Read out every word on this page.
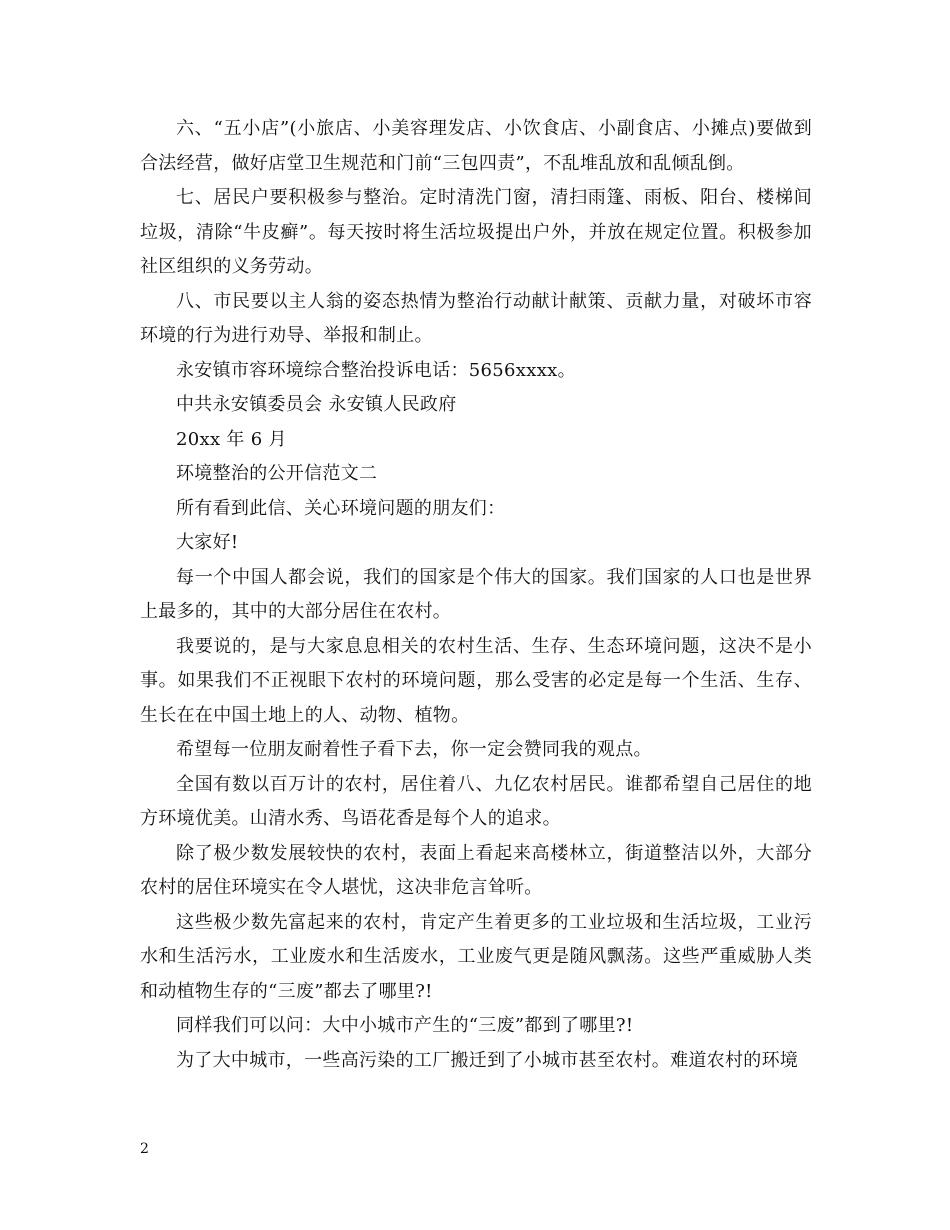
六、“五小店”(小旅店、小美容理发店、小饮食店、小副食店、小摊点)要做到合法经营，做好店堂卫生规范和门前“三包四责”，不乱堆乱放和乱倾乱倒。

七、居民户要积极参与整治。定时清洗门窗，清扫雨篷、雨板、阳台、楼梯间垃圾，清除“牛皮癣”。每天按时将生活垃圾提出户外，并放在规定位置。积极参加社区组织的义务劳动。

八、市民要以主人翁的姿态热情为整治行动献计献策、贡献力量，对破坏市容环境的行为进行劝导、举报和制止。

永安镇市容环境综合整治投诉电话：5656xxxx。

中共永安镇委员会 永安镇人民政府

20xx 年 6 月

环境整治的公开信范文二

所有看到此信、关心环境问题的朋友们：

大家好!

每一个中国人都会说，我们的国家是个伟大的国家。我们国家的人口也是世界上最多的，其中的大部分居住在农村。

我要说的，是与大家息息相关的农村生活、生存、生态环境问题，这决不是小事。如果我们不正视眼下农村的环境问题，那么受害的必定是每一个生活、生存、生长在在中国土地上的人、动物、植物。

希望每一位朋友耐着性子看下去，你一定会赞同我的观点。

全国有数以百万计的农村，居住着八、九亿农村居民。谁都希望自己居住的地方环境优美。山清水秀、鸟语花香是每个人的追求。

除了极少数发展较快的农村，表面上看起来高楼林立，街道整洁以外，大部分农村的居住环境实在令人堪忧，这决非危言耸听。

这些极少数先富起来的农村，肯定产生着更多的工业垃圾和生活垃圾，工业污水和生活污水，工业废水和生活废水，工业废气更是随风飘荡。这些严重威胁人类和动植物生存的“三废”都去了哪里?!

同样我们可以问：大中小城市产生的“三废”都到了哪里?!

为了大中城市，一些高污染的工厂搬迁到了小城市甚至农村。难道农村的环境

2
